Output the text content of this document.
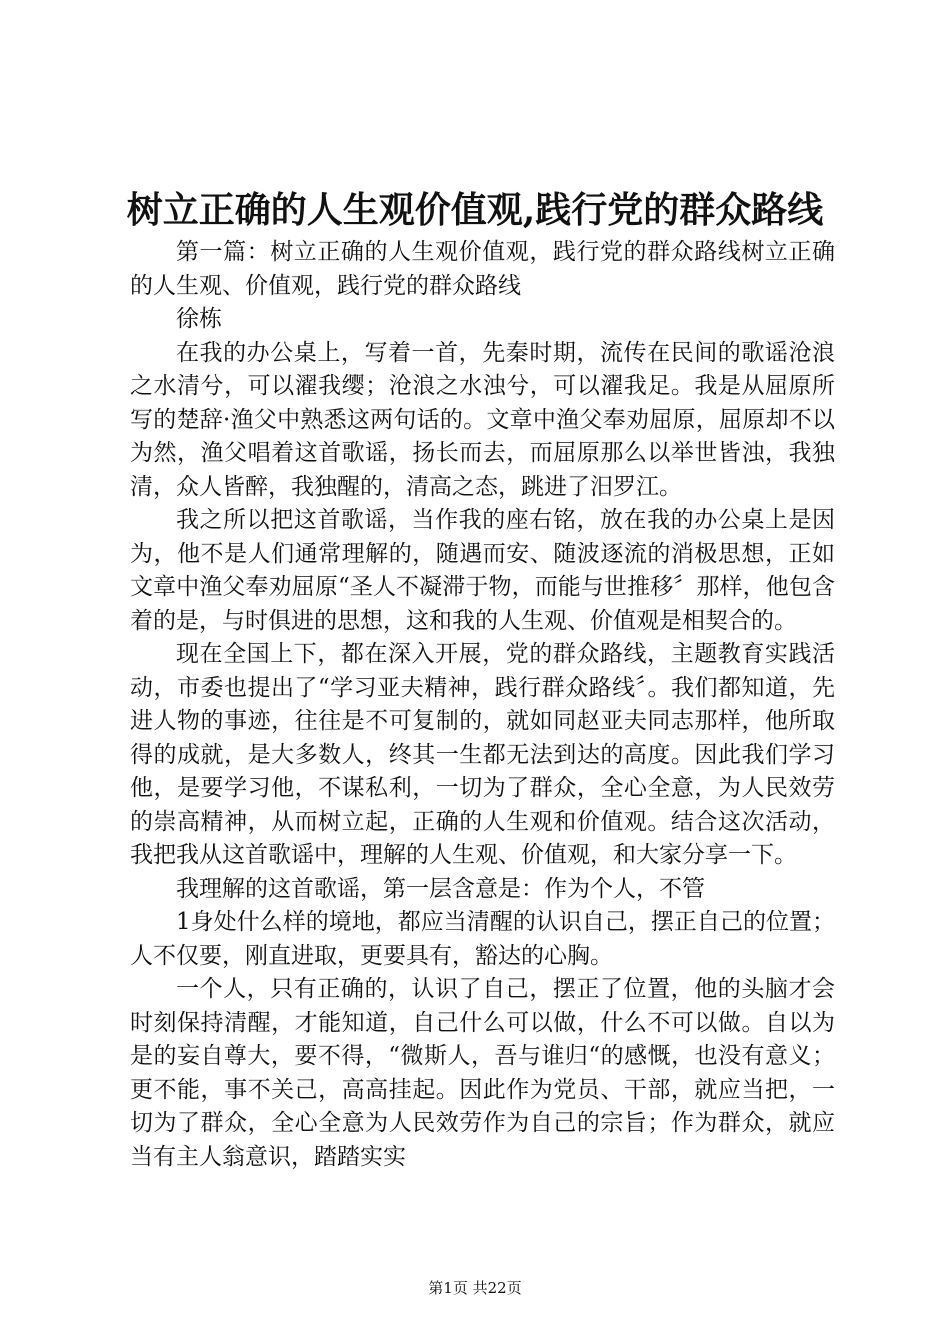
树立正确的人生观价值观,践行党的群众路线

第一篇：树立正确的人生观价值观，践行党的群众路线树立正确的人生观、价值观，践行党的群众路线

徐栋

在我的办公桌上，写着一首，先秦时期，流传在民间的歌谣沧浪之水清兮，可以濯我缨；沧浪之水浊兮，可以濯我足。我是从屈原所写的楚辞·渔父中熟悉这两句话的。文章中渔父奉劝屈原，屈原却不以为然，渔父唱着这首歌谣，扬长而去，而屈原那么以举世皆浊，我独清，众人皆醉，我独醒的，清高之态，跳进了汨罗江。

我之所以把这首歌谣，当作我的座右铭，放在我的办公桌上是因为，他不是人们通常理解的，随遇而安、随波逐流的消极思想，正如文章中渔父奉劝屈原“圣人不凝滞于物，而能与世推移〞那样，他包含着的是，与时俱进的思想，这和我的人生观、价值观是相契合的。

现在全国上下，都在深入开展，党的群众路线，主题教育实践活动，市委也提出了“学习亚夫精神，践行群众路线〞。我们都知道，先进人物的事迹，往往是不可复制的，就如同赵亚夫同志那样，他所取得的成就，是大多数人，终其一生都无法到达的高度。因此我们学习他，是要学习他，不谋私利，一切为了群众，全心全意，为人民效劳的崇高精神，从而树立起，正确的人生观和价值观。结合这次活动，我把我从这首歌谣中，理解的人生观、价值观，和大家分享一下。

我理解的这首歌谣，第一层含意是：作为个人，不管

1身处什么样的境地，都应当清醒的认识自己，摆正自己的位置；人不仅要，刚直进取，更要具有，豁达的心胸。

一个人，只有正确的，认识了自己，摆正了位置，他的头脑才会时刻保持清醒，才能知道，自己什么可以做，什么不可以做。自以为是的妄自尊大，要不得，“微斯人，吾与谁归“的感慨，也没有意义；更不能，事不关己，高高挂起。因此作为党员、干部，就应当把，一切为了群众，全心全意为人民效劳作为自己的宗旨；作为群众，就应当有主人翁意识，踏踏实实

第1页 共22页
